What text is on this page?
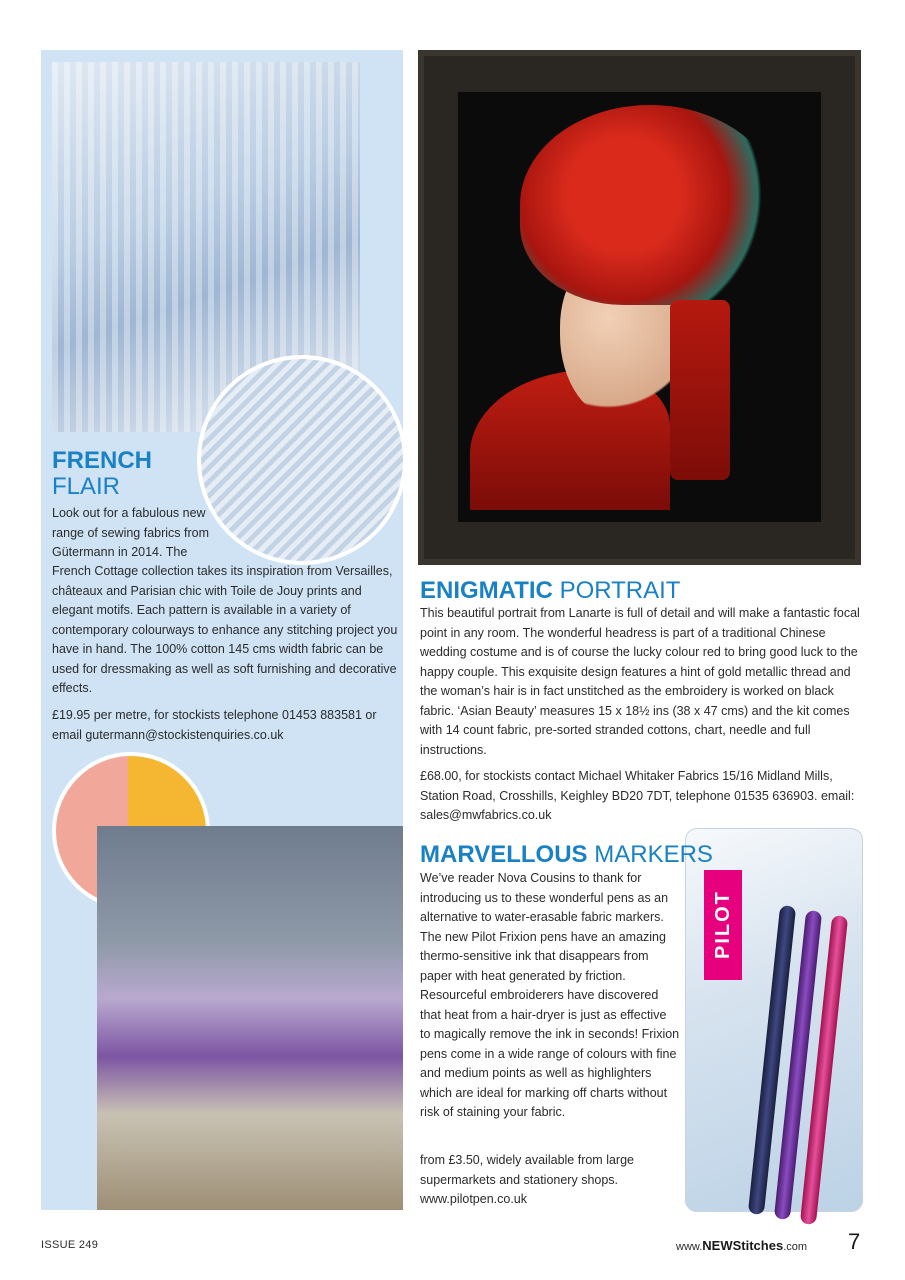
PILOT
FRENCH
FLAIR

Look out for a fabulous new range of sewing fabrics from Gütermann in 2014. The

French Cottage collection takes its inspiration from Versailles, châteaux and Parisian chic with Toile de Jouy prints and elegant motifs. Each pattern is available in a variety of contemporary colourways to enhance any stitching project you have in hand. The 100% cotton 145 cms width fabric can be used for dressmaking as well as soft furnishing and decorative effects.

£19.95 per metre, for stockists telephone 01453 883581 or email gutermann@stockistenquiries.co.uk

ENIGMATIC PORTRAIT

This beautiful portrait from Lanarte is full of detail and will make a fantastic focal point in any room. The wonderful headress is part of a traditional Chinese wedding costume and is of course the lucky colour red to bring good luck to the happy couple. This exquisite design features a hint of gold metallic thread and the woman’s hair is in fact unstitched as the embroidery is worked on black fabric. ‘Asian Beauty’ measures 15 x 18½ ins (38 x 47 cms) and the kit comes with 14 count fabric, pre-sorted stranded cottons, chart, needle and full instructions.

£68.00, for stockists contact Michael Whitaker Fabrics 15/16 Midland Mills, Station Road, Crosshills, Keighley BD20 7DT, telephone 01535 636903. email: sales@mwfabrics.co.uk

MARVELLOUS MARKERS

We’ve reader Nova Cousins to thank for introducing us to these wonderful pens as an alternative to water-erasable fabric markers. The new Pilot Frixion pens have an amazing thermo-sensitive ink that disappears from paper with heat generated by friction. Resourceful embroiderers have discovered that heat from a hair-dryer is just as effective to magically remove the ink in seconds! Frixion pens come in a wide range of colours with fine and medium points as well as highlighters which are ideal for marking off charts without risk of staining your fabric.

from £3.50, widely available from large supermarkets and stationery shops. www.pilotpen.co.uk

ISSUE 249	www.NEWStitches.com 7
